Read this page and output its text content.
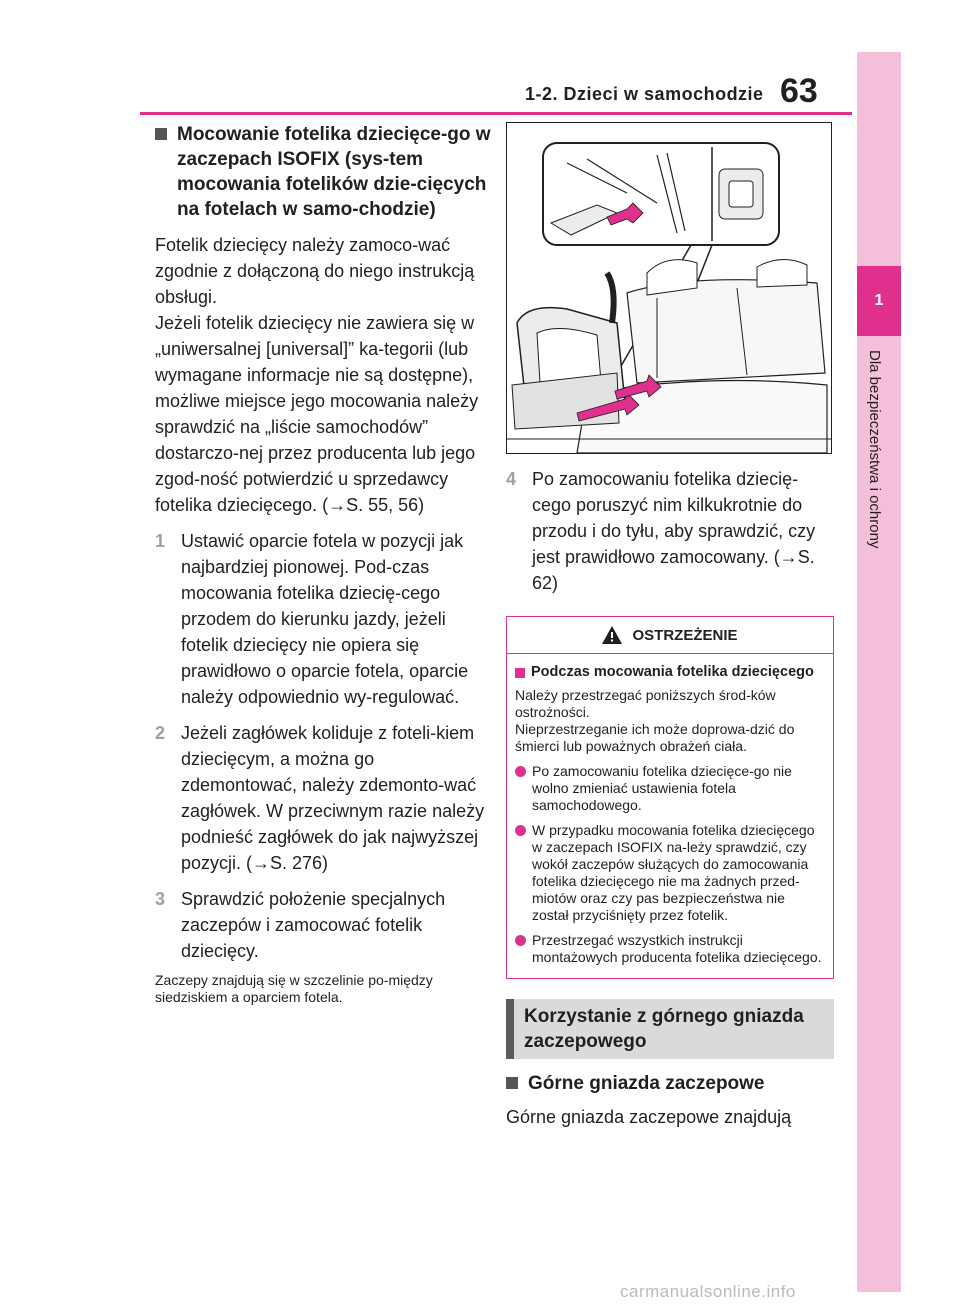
1-2. Dzieci w samochodzie 63
1
Dla bezpieczeństwa i ochrony
Mocowanie fotelika dziecięce-go w zaczepach ISOFIX (sys-tem mocowania fotelików dzie-cięcych na fotelach w samo-chodzie)

Fotelik dziecięcy należy zamoco-wać zgodnie z dołączoną do niego instrukcją obsługi.

Jeżeli fotelik dziecięcy nie zawiera się w „uniwersalnej [universal]” ka-tegorii (lub wymagane informacje nie są dostępne), możliwe miejsce jego mocowania należy sprawdzić na „liście samochodów” dostarczo-nej przez producenta lub jego zgod-ność potwierdzić u sprzedawcy fotelika dziecięcego. (→S. 55, 56)

1 Ustawić oparcie fotela w pozycji jak najbardziej pionowej. Pod-czas mocowania fotelika dziecię-cego przodem do kierunku jazdy, jeżeli fotelik dziecięcy nie opiera się prawidłowo o oparcie fotela, oparcie należy odpowiednio wy-regulować.
2 Jeżeli zagłówek koliduje z foteli-kiem dziecięcym, a można go zdemontować, należy zdemonto-wać zagłówek. W przeciwnym razie należy podnieść zagłówek do jak najwyższej pozycji. (→S. 276)
3 Sprawdzić położenie specjalnych zaczepów i zamocować fotelik dziecięcy.
Zaczepy znajdują się w szczelinie po-między siedziskiem a oparciem fotela.
4 Po zamocowaniu fotelika dziecię-cego poruszyć nim kilkukrotnie do przodu i do tyłu, aby sprawdzić, czy jest prawidłowo zamocowany. (→S. 62)
OSTRZEŻENIE
Podczas mocowania fotelika dziecięcego
Należy przestrzegać poniższych środ-ków ostrożności.
Nieprzestrzeganie ich może doprowa-dzić do śmierci lub poważnych obrażeń ciała.
Po zamocowaniu fotelika dziecięce-go nie wolno zmieniać ustawienia fotela samochodowego.
W przypadku mocowania fotelika dziecięcego w zaczepach ISOFIX na-leży sprawdzić, czy wokół zaczepów służących do zamocowania fotelika dziecięcego nie ma żadnych przed-miotów oraz czy pas bezpieczeństwa nie został przyciśnięty przez fotelik.
Przestrzegać wszystkich instrukcji montażowych producenta fotelika dziecięcego.
Korzystanie z górnego gniazda zaczepowego
Górne gniazda zaczepowe

Górne gniazda zaczepowe znajdują

carmanualsonline.info
